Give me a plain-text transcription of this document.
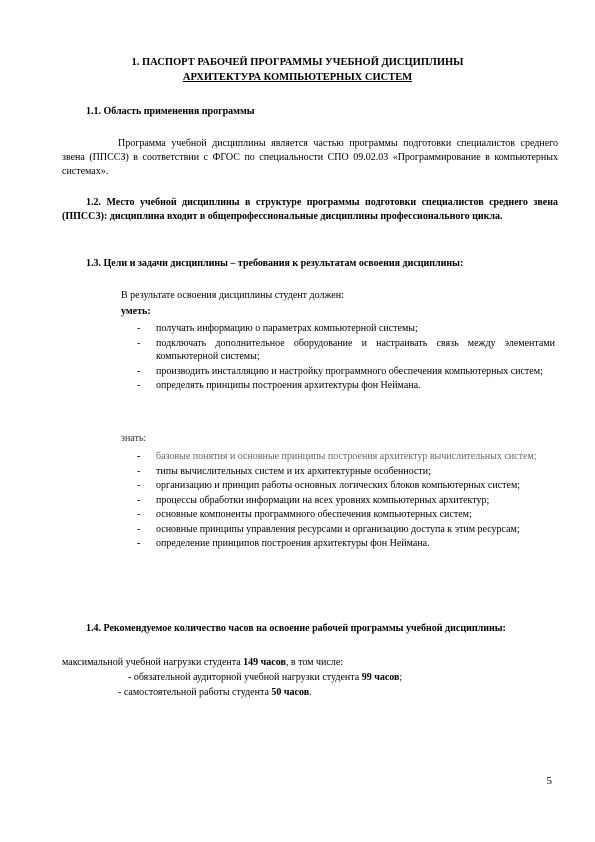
1. ПАСПОРТ РАБОЧЕЙ ПРОГРАММЫ УЧЕБНОЙ ДИСЦИПЛИНЫ
АРХИТЕКТУРА КОМПЬЮТЕРНЫХ СИСТЕМ
1.1. Область применения программы
Программа учебной дисциплины является частью программы подготовки специалистов среднего звена (ППССЗ) в соответствии с ФГОС по специальности СПО 09.02.03 «Программирование в компьютерных системах».
1.2. Место учебной дисциплины в структуре программы подготовки специалистов среднего звена (ППССЗ): дисциплина входит в общепрофессиональные дисциплины профессионального цикла.
1.3. Цели и задачи дисциплины – требования к результатам освоения дисциплины:
В результате освоения дисциплины студент должен:
уметь:
- получать информацию о параметрах компьютерной системы;
- подключать дополнительное оборудование и настраивать связь между элементами компьютерной системы;
- производить инсталляцию и настройку программного обеспечения компьютерных систем;
- определять принципы построения архитектуры фон Неймана.
знать:
- базовые понятия и основные принципы построения архитектур вычислительных систем;
- типы вычислительных систем и их архитектурные особенности;
- организацию и принцип работы основных логических блоков компьютерных систем;
- процессы обработки информации на всех уровнях компьютерных архитектур;
- основные компоненты программного обеспечения компьютерных систем;
- основные принципы управления ресурсами и организацию доступа к этим ресурсам;
- определение принципов построения архитектуры фон Неймана.
1.4. Рекомендуемое количество часов на освоение рабочей программы учебной дисциплины:
максимальной учебной нагрузки студента 149 часов, в том числе:
- обязательной аудиторной учебной нагрузки студента 99 часов;
- самостоятельной работы студента 50 часов.
5
